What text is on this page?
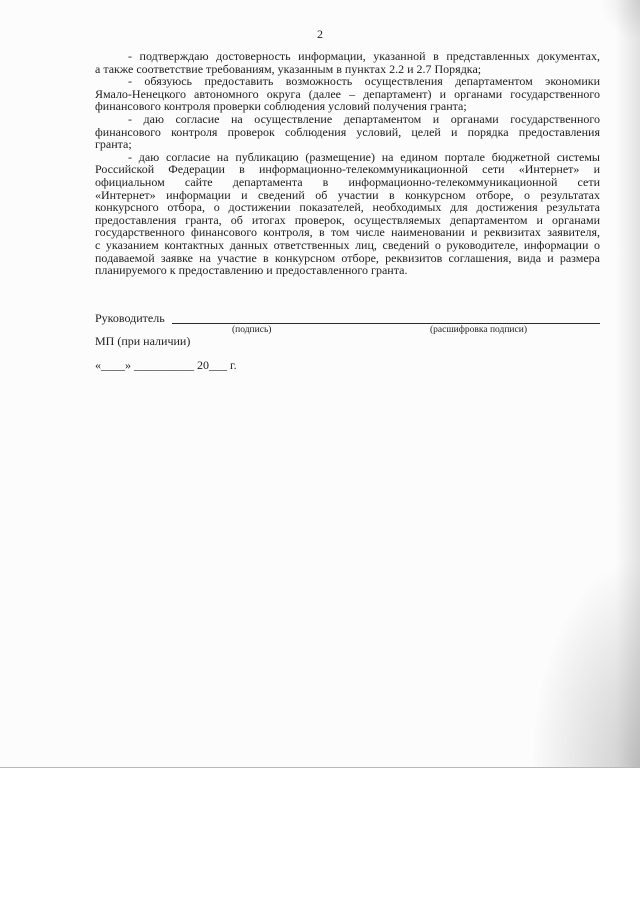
2
- подтверждаю достоверность информации, указанной в представленных документах,
а также соответствие требованиям, указанным в пунктах 2.2 и 2.7 Порядка;
- обязуюсь предоставить возможность осуществления департаментом экономики
Ямало-Ненецкого автономного округа (далее – департамент) и органами государственного
финансового контроля проверки соблюдения условий получения гранта;
- даю согласие на осуществление департаментом и органами государственного
финансового контроля проверок соблюдения условий, целей и порядка предоставления
гранта;
- даю согласие на публикацию (размещение) на едином портале бюджетной системы
Российской Федерации в информационно-телекоммуникационной сети «Интернет» и
официальном сайте департамента в информационно-телекоммуникационной сети
«Интернет» информации и сведений об участии в конкурсном отборе, о результатах
конкурсного отбора, о достижении показателей, необходимых для достижения результата
предоставления гранта, об итогах проверок, осуществляемых департаментом и органами
государственного финансового контроля, в том числе наименовании и реквизитах заявителя,
с указанием контактных данных ответственных лиц, сведений о руководителе, информации о
подаваемой заявке на участие в конкурсном отборе, реквизитов соглашения, вида и размера
планируемого к предоставлению и предоставленного гранта.
Руководитель
(подпись)	(расшифровка подписи)
МП (при наличии)
«____» __________ 20___ г.
